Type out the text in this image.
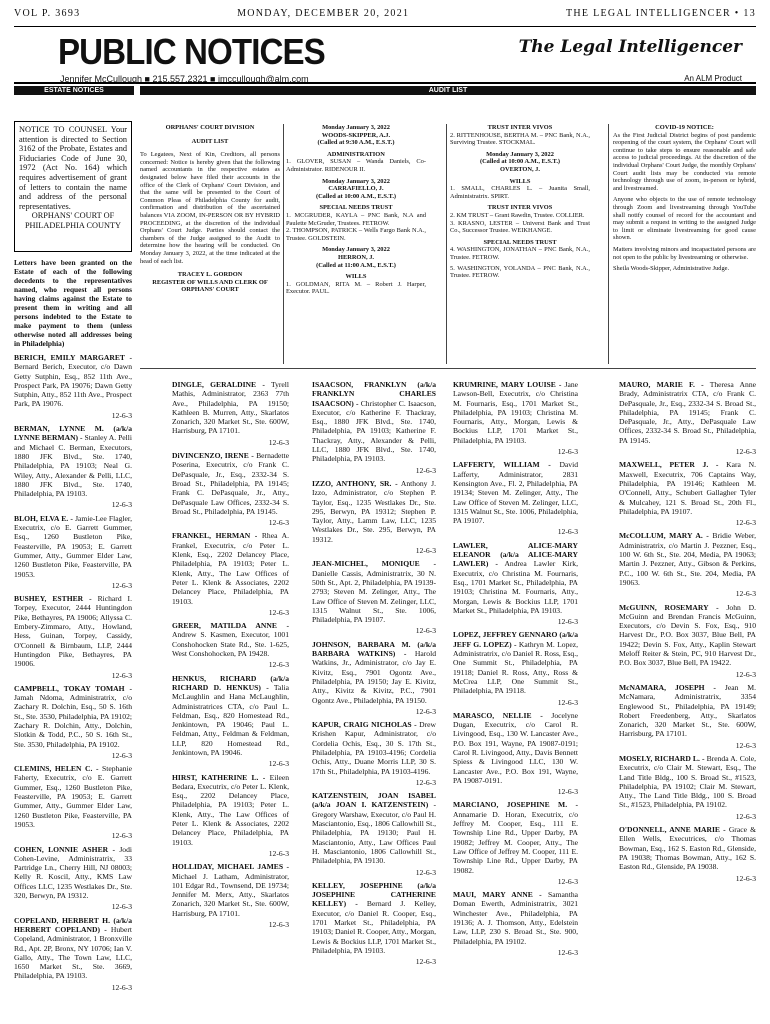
VOL P. 3693	MONDAY, DECEMBER 20, 2021	THE LEGAL INTELLIGENCER • 13
PUBLIC NOTICES	The Legal Intelligencer
Jennifer McCullough ■ 215.557.2321 ■ jmccullough@alm.com	An ALM Product
ESTATE NOTICES	AUDIT LIST
NOTICE TO COUNSEL Your attention is directed to Section 3162 of the Probate, Estates and Fiduciaries Code of June 30, 1972 (Act No. 164) which requires advertisement of grant of letters to contain the name and address of the personal representatives.
ORPHANS' COURT OF PHILADELPHIA COUNTY
Letters have been granted on the Estate of each of the following decedents to the representatives named, who request all persons having claims against the Estate to present them in writing and all persons indebted to the Estate to make payment to them (unless otherwise noted all addresses being in Philadelphia)
ORPHANS' COURT DIVISION
AUDIT LIST
To Legatees, Next of Kin, Creditors, all persons concerned: Notice is hereby given that the following named accountants in the respective estates as designated below have filed their accounts in the office of the Clerk of Orphans' Court Division, and that the same will be presented to the Court of Common Pleas of Philadelphia County for audit, confirmation and distribution of the ascertained balances VIA ZOOM, IN-PERSON OR BY HYBRID PROCEEDING, at the discretion of the individual Orphans' Court Judge. Parties should contact the chambers of the Judge assigned to the Audit to determine how the hearing will be conducted. On Monday January 3, 2022, at the time indicated at the head of each list.
TRACEY L. GORDON
REGISTER OF WILLS AND CLERK OF ORPHANS' COURT
Monday January 3, 2022
WOODS-SKIPPER, A.J.
(Called at 9:30 A.M., E.S.T.)
ADMINISTRATION
1. GLOVER, SUSAN – Wanda Daniels, Co-Administrator. RIDENOUR II.
Monday January 3, 2022
CARRAFIELLO, J.
(Called at 10:00 A.M., E.S.T.)
SPECIAL NEEDS TRUST
1. MCGRUDER, KAYLA – PNC Bank, N.A and Paulette McGruder, Trustees. FETROW.
2. THOMPSON, PATRICK – Wells Fargo Bank N.A., Trustee. GOLDSTEIN.
Monday January 3, 2022
HERRON, J.
(Called at 11:00 A.M., E.S.T.)
WILLS
1. GOLDMAN, RITA M. – Robert J. Harper, Executor. PAUL.
TRUST INTER VIVOS
2. RITTENHOUSE, BERTHA M. – PNC Bank, N.A., Surviving Trustee. STOCKMAL.
Monday January 3, 2022
(Called at 10:00 A.M., E.S.T.)
OVERTON, J.
WILLS
1. SMALL, CHARLES L. – Juanita Small, Administratrix. SPIRT.
TRUST INTER VIVOS
2. KM TRUST – Grant Rawdin, Trustee. COLLIER.
3. KRASNO, LESTER – Universt Bank and Trust Co., Successor Trustee. WEIKHANGE.
SPECIAL NEEDS TRUST
4. WASHINGTON, JONATHAN – PNC Bank, N.A., Trustee. FETROW.
5. WASHINGTON, YOLANDA – PNC Bank, N.A., Trustee. FETROW.
COVID-19 NOTICE:
As the First Judicial District begins of post pandemic reopening of the court system, the Orphans' Court will continue to take steps to ensure reasonable and safe access to judicial proceedings. At the discretion of the individual Orphans' Court Judge, the monthly Orphans' Court audit lists may be conducted via remote technology through use of zoom, in-person or hybrid, and livestreamed.
Anyone who objects to the use of remote technology through Zoom and livestreaming through YouTube shall notify counsel of record for the accountant and may submit a request in writing to the assigned Judge to limit or eliminate livestreaming for good cause shown.
Matters involving minors and incapacitated persons are not open to the public by livestreaming or otherwise.
Sheila Woods-Skipper, Administrative Judge.
BERICH, EMILY MARGARET - Bernard Berich, Executor, c/o Dawn Getty Sutphin, Esq., 852 11th Ave., Prospect Park, PA 19076; Dawn Getty Sutphin, Atty., 852 11th Ave., Prospect Park, PA 19076.
12-6-3
BERMAN, LYNNE M. (a/k/a LYNNE BERMAN) - Stanley A. Pelli and Michael C. Berman, Executors, 1880 JFK Blvd., Ste. 1740, Philadelphia, PA 19103; Neal G. Wiley, Atty., Alexander & Pelli, LLC, 1880 JFK Blvd., Ste. 1740, Philadelphia, PA 19103.
12-6-3
BLOH, ELVA E. - Jamie-Lee Flagler, Executrix, c/o E. Garrett Gummer, Esq., 1260 Bustleton Pike, Feasterville, PA 19053; E. Garrett Gummer, Atty., Gummer Elder Law, 1260 Bustleton Pike, Feasterville, PA 19053.
12-6-3
BUSHEY, ESTHER - Richard I. Torpey, Executor, 2444 Huntingdon Pike, Bethayres, PA 19006; Allyssa C. Embery-Zimmaro, Atty., Howland, Hess, Guinan, Torpey, Cassidy, O'Connell & Birnbaum, LLP, 2444 Huntingdon Pike, Bethayres, PA 19006.
12-6-3
CAMPBELL, TOKAY TOMAH - Jamah Ndoma, Administratrix, c/o Zachary R. Dolchin, Esq., 50 S. 16th St., Ste. 3530, Philadelphia, PA 19102; Zachary R. Dolchin, Atty., Dolchin, Slotkin & Todd, P.C., 50 S. 16th St., Ste. 3530, Philadelphia, PA 19102.
12-6-3
CLEMINS, HELEN C. - Stephanie Faherty, Executrix, c/o E. Garrett Gummer, Esq., 1260 Bustleton Pike, Feasterville, PA 19053; E. Garrett Gummer, Atty., Gummer Elder Law, 1260 Bustleton Pike, Feasterville, PA 19053.
12-6-3
COHEN, LONNIE ASHER - Jodi Cohen-Levine, Administratrix, 33 Partridge Ln., Cherry Hill, NJ 08003; Kelly R. Koscil, Atty., KMS Law Offices LLC, 1235 Westlakes Dr., Ste. 320, Berwyn, PA 19312.
12-6-3
COPELAND, HERBERT H. (a/k/a HERBERT COPELAND) - Hubert Copeland, Administrator, 1 Bronxville Rd., Apt. 2P, Bronx, NY 10706; Ian V. Gallo, Atty., The Town Law, LLC, 1650 Market St., Ste. 3669, Philadelphia, PA 19103.
12-6-3
DINGLE, GERALDINE - Tyrell Mathis, Administrator, 2363 77th Ave., Philadelphia, PA 19150; Kathleen B. Murren, Atty., Skarlatos Zonarich, 320 Market St., Ste. 600W, Harrisburg, PA 17101.
12-6-3
DiVINCENZO, IRENE - Bernadette Poserina, Executrix, c/o Frank C. DePasquale, Jr., Esq., 2332-34 S. Broad St., Philadelphia, PA 19145; Frank C. DePasquale, Jr., Atty., DePasquale Law Offices, 2332-34 S. Broad St., Philadelphia, PA 19145.
12-6-3
FRANKEL, HERMAN - Rhea A. Frankel, Executrix, c/o Peter L. Klenk, Esq., 2202 Delancey Place, Philadelphia, PA 19103; Peter L. Klenk, Atty., The Law Offices of Peter L. Klenk & Associates, 2202 Delancey Place, Philadelphia, PA 19103.
12-6-3
GREER, MATILDA ANNE - Andrew S. Kasmen, Executor, 1001 Conshohocken State Rd., Ste. 1-625, West Conshohocken, PA 19428.
12-6-3
HENKUS, RICHARD (a/k/a RICHARD D. HENKUS) - Talia McLaughlin and Hana McLaughlin, Administratrices CTA, c/o Paul L. Feldman, Esq., 820 Homestead Rd., Jenkintown, PA 19046; Paul L. Feldman, Atty., Feldman & Feldman, LLP, 820 Homestead Rd., Jenkintown, PA 19046.
12-6-3
HIRST, KATHERINE L. - Eileen Bedara, Executrix, c/o Peter L. Klenk, Esq., 2202 Delancey Place, Philadelphia, PA 19103; Peter L. Klenk, Atty., The Law Offices of Peter L. Klenk & Associates, 2202 Delancey Place, Philadelphia, PA 19103.
12-6-3
HOLLIDAY, MICHAEL JAMES - Michael J. Latham, Administrator, 101 Edgar Rd., Townsend, DE 19734; Jennifer M. Merx, Atty., Skarlatos Zonarich, 320 Market St., Ste. 600W, Harrisburg, PA 17101.
12-6-3
ISAACSON, FRANKLYN (a/k/a FRANKLYN CHARLES ISAACSON) - Christopher C. Isaacson, Executor, c/o Katherine F. Thackray, Esq., 1880 JFK Blvd., Ste. 1740, Philadelphia, PA 19103; Katherine F. Thackray, Atty., Alexander & Pelli, LLC, 1880 JFK Blvd., Ste. 1740, Philadelphia, PA 19103.
12-6-3
IZZO, ANTHONY, SR. - Anthony J. Izzo, Administrator, c/o Stephen P. Taylor, Esq., 1235 Westlakes Dr., Ste. 295, Berwyn, PA 19312; Stephen P. Taylor, Atty., Lamm Law, LLC, 1235 Westlakes Dr., Ste. 295, Berwyn, PA 19312.
12-6-3
JEAN-MICHEL, MONIQUE - Danielle Cassis, Administratrix, 30 N. 50th St., Apt. 2, Philadelphia, PA 19139-2793; Steven M. Zelinger, Atty., The Law Office of Steven M. Zelinger, LLC, 1315 Walnut St., Ste. 1006, Philadelphia, PA 19107.
12-6-3
JOHNSON, BARBARA M. (a/k/a BARBARA WATKINS) - Harold Watkins, Jr., Administrator, c/o Jay E. Kivitz, Esq., 7901 Ogontz Ave., Philadelphia, PA 19150; Jay E. Kivitz, Atty., Kivitz & Kivitz, P.C., 7901 Ogontz Ave., Philadelphia, PA 19150.
12-6-3
KAPUR, CRAIG NICHOLAS - Drew Krishen Kapur, Administrator, c/o Cordelia Ochis, Esq., 30 S. 17th St., Philadelphia, PA 19103-4196; Cordelia Ochis, Atty., Duane Morris LLP, 30 S. 17th St., Philadelphia, PA 19103-4196.
12-6-3
KATZENSTEIN, JOAN ISABEL (a/k/a JOAN I. KATZENSTEIN) - Gregory Warshaw, Executor, c/o Paul H. Masciantonio, Esq., 1806 Callowhill St., Philadelphia, PA 19130; Paul H. Masciantonio, Atty., Law Offices Paul H. Masciantonio, 1806 Callowhill St., Philadelphia, PA 19130.
12-6-3
KELLEY, JOSEPHINE (a/k/a JOSEPHINE CATHERINE KELLEY) - Bernard J. Kelley, Executor, c/o Daniel R. Cooper, Esq., 1701 Market St., Philadelphia, PA 19103; Daniel R. Cooper, Atty., Morgan, Lewis & Bockius LLP, 1701 Market St., Philadelphia, PA 19103.
12-6-3
KRUMRINE, MARY LOUISE - Jane Lawson-Bell, Executrix, c/o Christina M. Fournaris, Esq., 1701 Market St., Philadelphia, PA 19103; Christina M. Fournaris, Atty., Morgan, Lewis & Bockius LLP, 1701 Market St., Philadelphia, PA 19103.
12-6-3
LAFFERTY, WILLIAM - David Lafferty, Administrator, 2831 Kensington Ave., Fl. 2, Philadelphia, PA 19134; Steven M. Zelinger, Atty., The Law Office of Steven M. Zelinger, LLC, 1315 Walnut St., Ste. 1006, Philadelphia, PA 19107.
12-6-3
LAWLER, ALICE-MARY ELEANOR (a/k/a ALICE-MARY LAWLER) - Andrea Lawler Kirk, Executrix, c/o Christina M. Fournaris, Esq., 1701 Market St., Philadelphia, PA 19103; Christina M. Fournaris, Atty., Morgan, Lewis & Bockius LLP, 1701 Market St., Philadelphia, PA 19103.
12-6-3
LOPEZ, JEFFREY GENNARO (a/k/a JEFF G. LOPEZ) - Kathryn M. Lopez, Administratrix, c/o Daniel R. Ross, Esq., One Summit St., Philadelphia, PA 19118; Daniel R. Ross, Atty., Ross & McCrea LLP, One Summit St., Philadelphia, PA 19118.
12-6-3
MARASCO, NELLIE - Jocelyne Dugan, Executrix, c/o Carol R. Livingood, Esq., 130 W. Lancaster Ave., P.O. Box 191, Wayne, PA 19087-0191; Carol R. Livingood, Atty., Davis Bennett Spiess & Livingood LLC, 130 W. Lancaster Ave., P.O. Box 191, Wayne, PA 19087-0191.
12-6-3
MARCIANO, JOSEPHINE M. - Annamarie D. Horan, Executrix, c/o Jeffrey M. Cooper, Esq., 111 E. Township Line Rd., Upper Darby, PA 19082; Jeffrey M. Cooper, Atty., The Law Office of Jeffrey M. Cooper, 111 E. Township Line Rd., Upper Darby, PA 19082.
12-6-3
MAUI, MARY ANNE - Samantha Doman Ewerth, Administratrix, 3021 Winchester Ave., Philadelphia, PA 19136; A. J. Thomson, Atty., Edelstein Law, LLP, 230 S. Broad St., Ste. 900, Philadelphia, PA 19102.
12-6-3
MAURO, MARIE F. - Theresa Anne Brady, Administratrix CTA, c/o Frank C. DePasquale, Jr., Esq., 2332-34 S. Broad St., Philadelphia, PA 19145; Frank C. DePasquale, Jr., Atty., DePasquale Law Offices, 2332-34 S. Broad St., Philadelphia, PA 19145.
12-6-3
MAXWELL, PETER J. - Kara N. Maxwell, Executrix, 706 Captains Way, Philadelphia, PA 19146; Kathleen M. O'Connell, Atty., Schubert Gallagher Tyler & Mulcahey, 121 S. Broad St., 20th Fl., Philadelphia, PA 19107.
12-6-3
McCOLLUM, MARY A. - Bridie Weber, Administratrix, c/o Martin J. Pezzner, Esq., 100 W. 6th St., Ste. 204, Media, PA 19063; Martin J. Pezzner, Atty., Gibson & Perkins, P.C., 100 W. 6th St., Ste. 204, Media, PA 19063.
12-6-3
McGUINN, ROSEMARY - John D. McGuinn and Brendan Francis McGuinn, Executors, c/o Devin S. Fox, Esq., 910 Harvest Dr., P.O. Box 3037, Blue Bell, PA 19422; Devin S. Fox, Atty., Kaplin Stewart Meloff Reiter & Stein, PC, 910 Harvest Dr., P.O. Box 3037, Blue Bell, PA 19422.
12-6-3
McNAMARA, JOSEPH - Jean M. McNamara, Administratrix, 3354 Englewood St., Philadelphia, PA 19149; Robert Freedenberg, Atty., Skarlatos Zonarich, 320 Market St., Ste. 600W, Harrisburg, PA 17101.
12-6-3
MOSELY, RICHARD L. - Brenda A. Cole, Executrix, c/o Clair M. Stewart, Esq., The Land Title Bldg., 100 S. Broad St., #1523, Philadelphia, PA 19102; Clair M. Stewart, Atty., The Land Title Bldg., 100 S. Broad St., #1523, Philadelphia, PA 19102.
12-6-3
O'DONNELL, ANNE MARIE - Grace & Ellen Wells, Executrices, c/o Thomas Bowman, Esq., 162 S. Easton Rd., Glenside, PA 19038; Thomas Bowman, Atty., 162 S. Easton Rd., Glenside, PA 19038.
12-6-3
